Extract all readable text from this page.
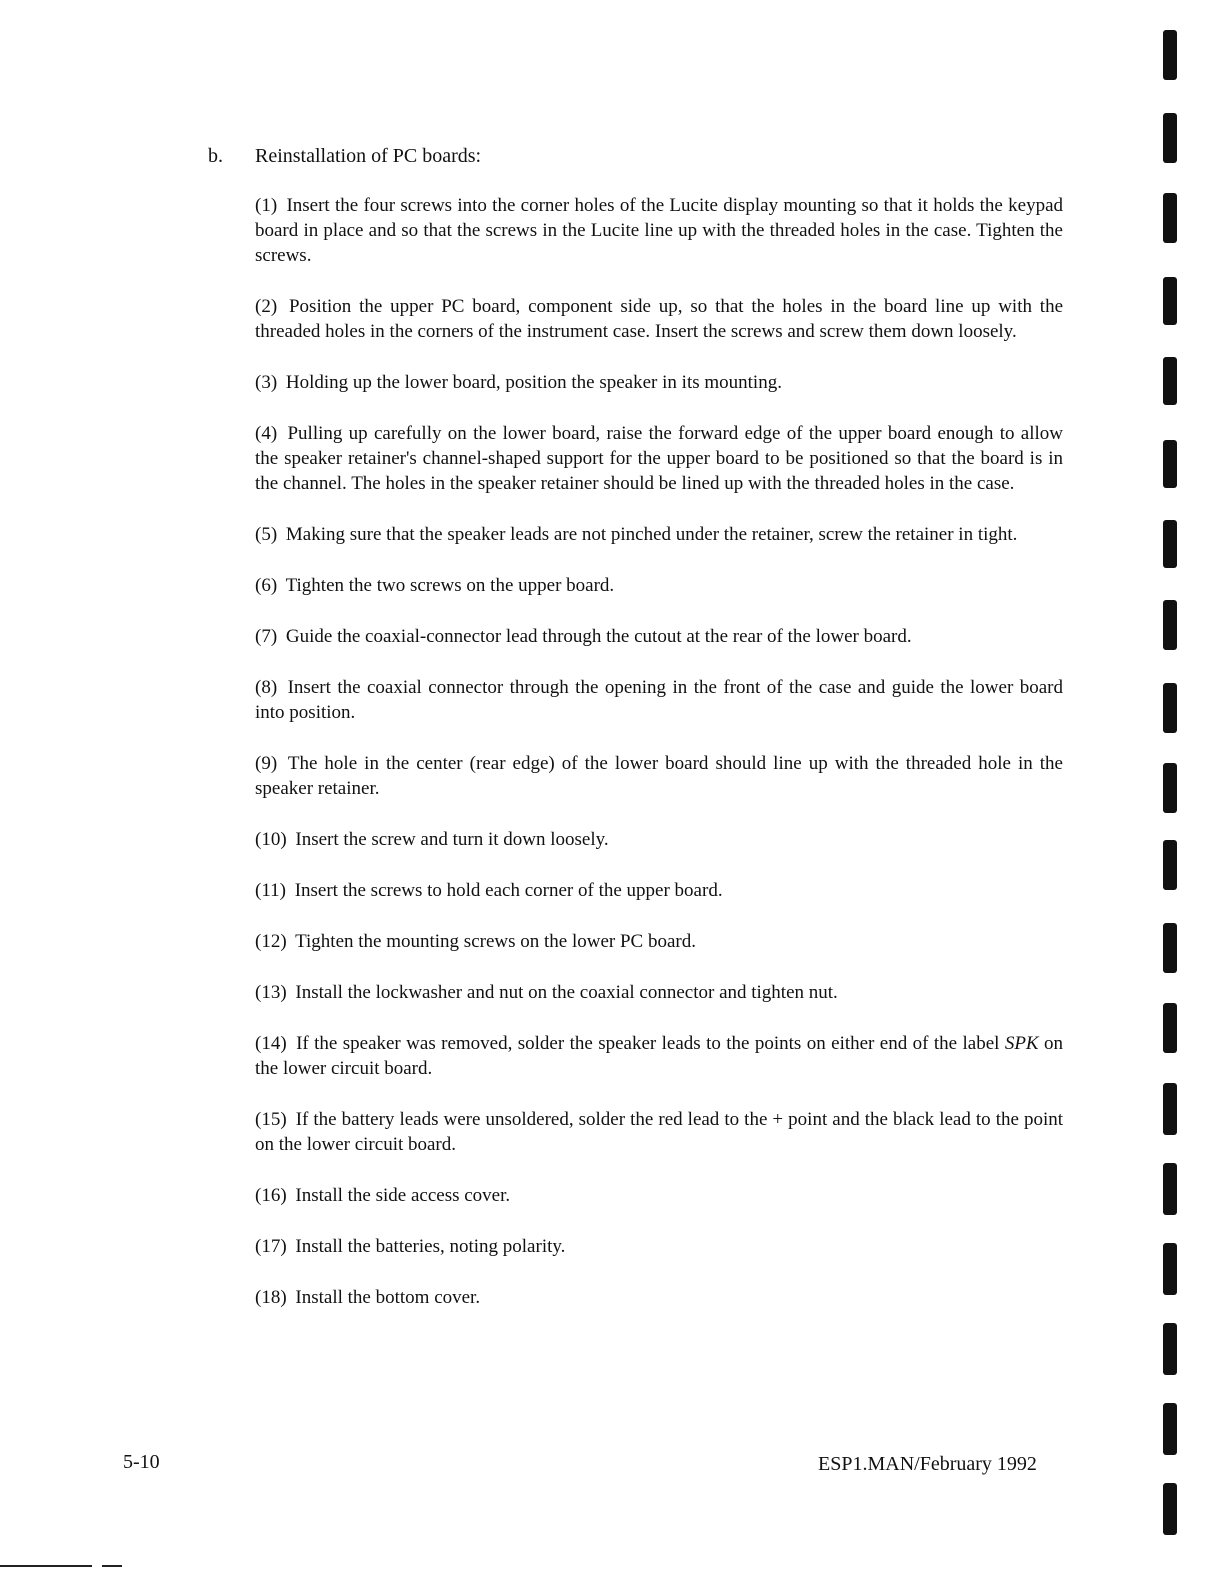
b. Reinstallation of PC boards:

(1) Insert the four screws into the corner holes of the Lucite display mounting so that it holds the keypad board in place and so that the screws in the Lucite line up with the threaded holes in the case. Tighten the screws.

(2) Position the upper PC board, component side up, so that the holes in the board line up with the threaded holes in the corners of the instrument case. Insert the screws and screw them down loosely.

(3) Holding up the lower board, position the speaker in its mounting.

(4) Pulling up carefully on the lower board, raise the forward edge of the upper board enough to allow the speaker retainer's channel-shaped support for the upper board to be positioned so that the board is in the channel. The holes in the speaker retainer should be lined up with the threaded holes in the case.

(5) Making sure that the speaker leads are not pinched under the retainer, screw the retainer in tight.

(6) Tighten the two screws on the upper board.

(7) Guide the coaxial-connector lead through the cutout at the rear of the lower board.

(8) Insert the coaxial connector through the opening in the front of the case and guide the lower board into position.

(9) The hole in the center (rear edge) of the lower board should line up with the threaded hole in the speaker retainer.

(10) Insert the screw and turn it down loosely.

(11) Insert the screws to hold each corner of the upper board.

(12) Tighten the mounting screws on the lower PC board.

(13) Install the lockwasher and nut on the coaxial connector and tighten nut.

(14) If the speaker was removed, solder the speaker leads to the points on either end of the label SPK on the lower circuit board.

(15) If the battery leads were unsoldered, solder the red lead to the + point and the black lead to the point on the lower circuit board.

(16) Install the side access cover.

(17) Install the batteries, noting polarity.

(18) Install the bottom cover.

5-10	ESP1.MAN/February 1992
